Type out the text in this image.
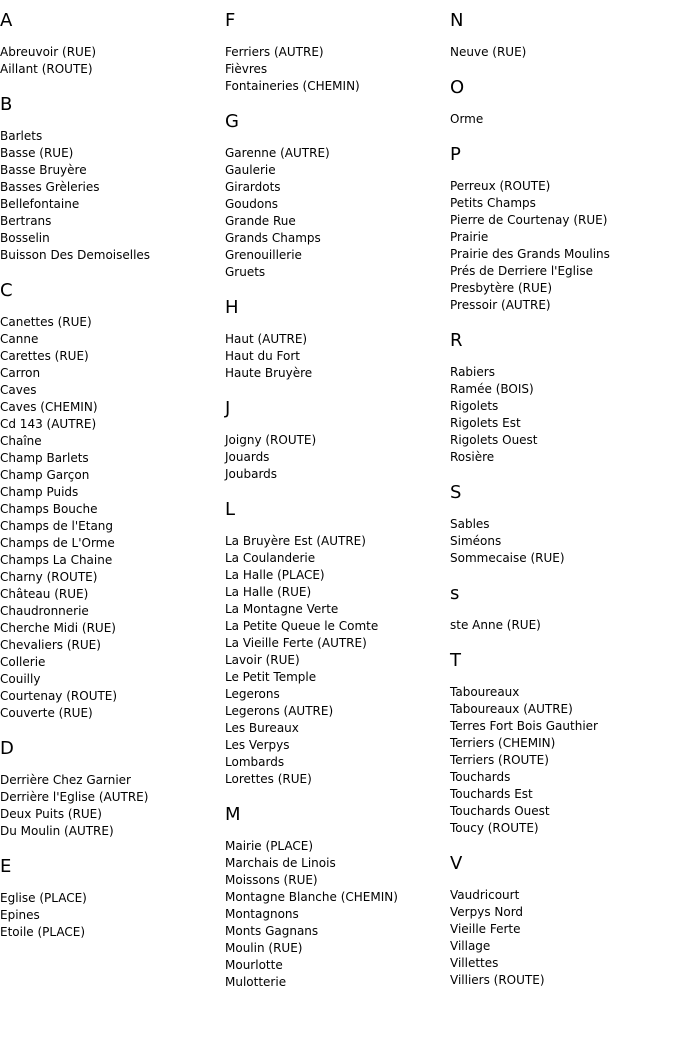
A
Abreuvoir (RUE)
Aillant (ROUTE)
B
Barlets
Basse (RUE)
Basse Bruyère
Basses Grèleries
Bellefontaine
Bertrans
Bosselin
Buisson Des Demoiselles
C
Canettes (RUE)
Canne
Carettes (RUE)
Carron
Caves
Caves (CHEMIN)
Cd 143 (AUTRE)
Chaîne
Champ Barlets
Champ Garçon
Champ Puids
Champs Bouche
Champs de l'Etang
Champs de L'Orme
Champs La Chaine
Charny (ROUTE)
Château (RUE)
Chaudronnerie
Cherche Midi (RUE)
Chevaliers (RUE)
Collerie
Couilly
Courtenay (ROUTE)
Couverte (RUE)
D
Derrière Chez Garnier
Derrière l'Eglise (AUTRE)
Deux Puits (RUE)
Du Moulin (AUTRE)
E
Eglise (PLACE)
Epines
Etoile (PLACE)
F
Ferriers (AUTRE)
Fièvres
Fontaineries (CHEMIN)
G
Garenne (AUTRE)
Gaulerie
Girardots
Goudons
Grande Rue
Grands Champs
Grenouillerie
Gruets
H
Haut (AUTRE)
Haut du Fort
Haute Bruyère
J
Joigny (ROUTE)
Jouards
Joubards
L
La Bruyère Est (AUTRE)
La Coulanderie
La Halle (PLACE)
La Halle (RUE)
La Montagne Verte
La Petite Queue le Comte
La Vieille Ferte (AUTRE)
Lavoir (RUE)
Le Petit Temple
Legerons
Legerons (AUTRE)
Les Bureaux
Les Verpys
Lombards
Lorettes (RUE)
M
Mairie (PLACE)
Marchais de Linois
Moissons (RUE)
Montagne Blanche (CHEMIN)
Montagnons
Monts Gagnans
Moulin (RUE)
Mourlotte
Mulotterie
N
Neuve (RUE)
O
Orme
P
Perreux (ROUTE)
Petits Champs
Pierre de Courtenay (RUE)
Prairie
Prairie des Grands Moulins
Prés de Derriere l'Eglise
Presbytère (RUE)
Pressoir (AUTRE)
R
Rabiers
Ramée (BOIS)
Rigolets
Rigolets Est
Rigolets Ouest
Rosière
S
Sables
Siméons
Sommecaise (RUE)
s
ste Anne (RUE)
T
Taboureaux
Taboureaux (AUTRE)
Terres Fort Bois Gauthier
Terriers (CHEMIN)
Terriers (ROUTE)
Touchards
Touchards Est
Touchards Ouest
Toucy (ROUTE)
V
Vaudricourt
Verpys Nord
Vieille Ferte
Village
Villettes
Villiers (ROUTE)
